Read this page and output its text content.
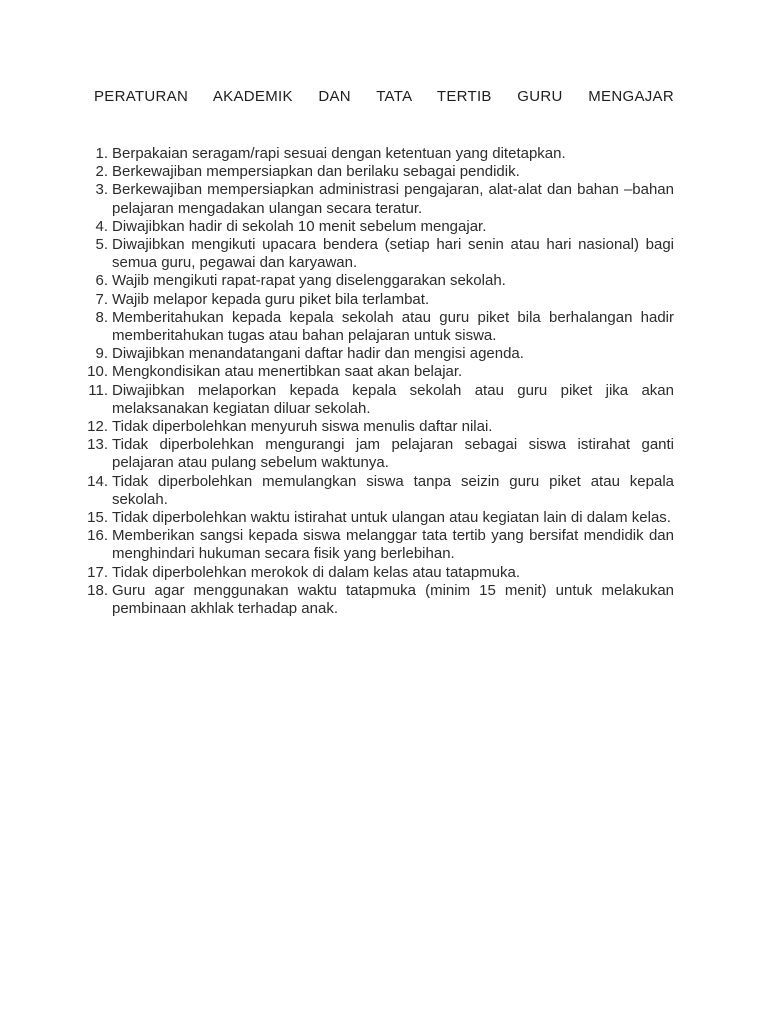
PERATURAN AKADEMIK DAN TATA TERTIB GURU MENGAJAR
1. Berpakaian seragam/rapi sesuai dengan ketentuan yang ditetapkan.
2. Berkewajiban mempersiapkan dan berilaku sebagai pendidik.
3. Berkewajiban mempersiapkan administrasi pengajaran, alat-alat dan bahan –bahan pelajaran mengadakan ulangan secara teratur.
4. Diwajibkan hadir di sekolah 10 menit sebelum mengajar.
5. Diwajibkan mengikuti upacara bendera (setiap hari senin atau hari nasional) bagi semua guru, pegawai dan karyawan.
6. Wajib mengikuti rapat-rapat yang diselenggarakan sekolah.
7. Wajib melapor kepada guru piket bila terlambat.
8. Memberitahukan kepada kepala sekolah atau guru piket bila berhalangan hadir memberitahukan tugas atau bahan pelajaran untuk siswa.
9. Diwajibkan menandatangani daftar hadir dan mengisi agenda.
10. Mengkondisikan atau menertibkan saat akan belajar.
11. Diwajibkan melaporkan kepada kepala sekolah atau guru piket jika akan melaksanakan kegiatan diluar sekolah.
12. Tidak diperbolehkan menyuruh siswa menulis daftar nilai.
13. Tidak diperbolehkan mengurangi jam pelajaran sebagai siswa istirahat ganti pelajaran atau pulang sebelum waktunya.
14. Tidak diperbolehkan memulangkan siswa tanpa seizin guru piket atau kepala sekolah.
15. Tidak diperbolehkan waktu istirahat untuk ulangan atau kegiatan lain di dalam kelas.
16. Memberikan sangsi kepada siswa melanggar tata tertib yang bersifat mendidik dan menghindari hukuman secara fisik yang berlebihan.
17. Tidak diperbolehkan merokok di dalam kelas atau tatapmuka.
18. Guru agar menggunakan waktu tatapmuka (minim 15 menit) untuk melakukan pembinaan akhlak terhadap anak.
